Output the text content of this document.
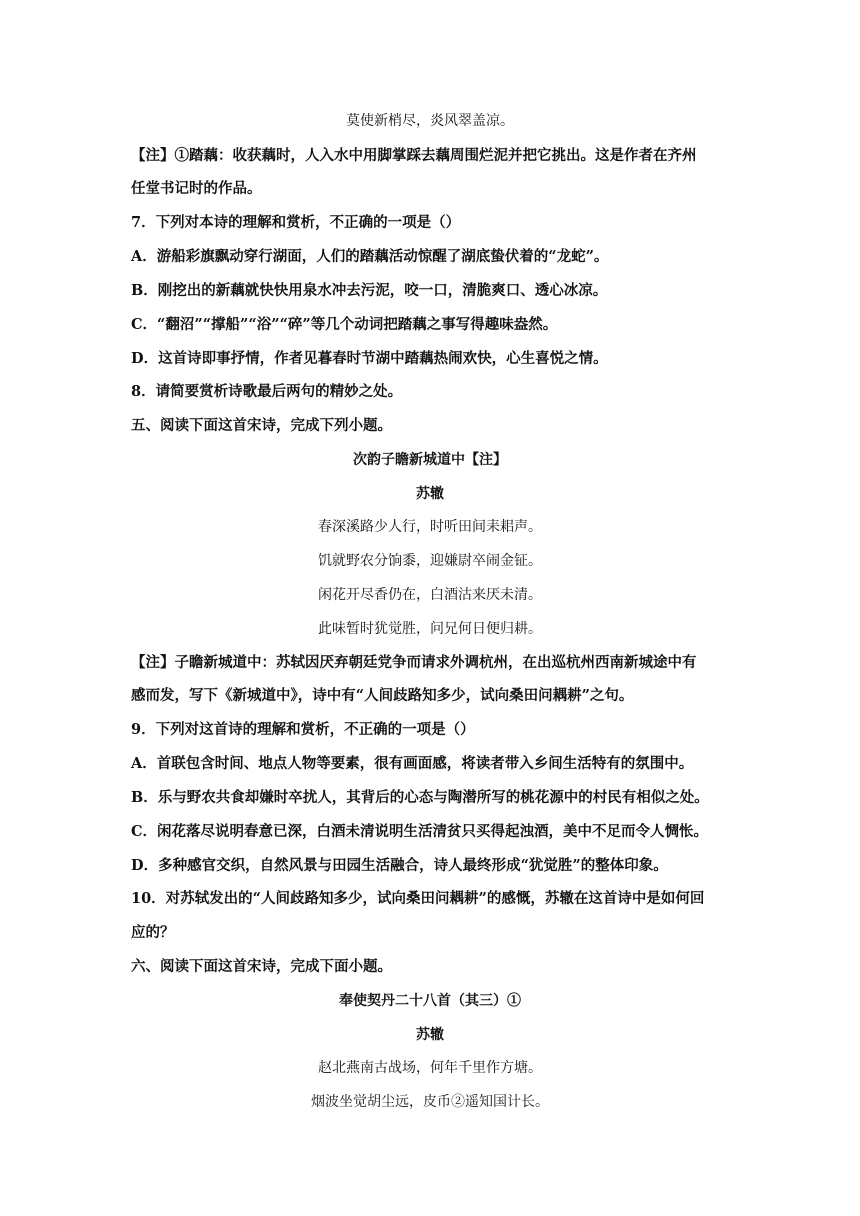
莫使新梢尽，炎风翠盖凉。
【注】①踏藕：收获藕时，人入水中用脚掌踩去藕周围烂泥并把它挑出。这是作者在齐州
任堂书记时的作品。
7．下列对本诗的理解和赏析，不正确的一项是（）
A．游船彩旗飘动穿行湖面，人们的踏藕活动惊醒了湖底蛰伏着的“龙蛇”。
B．刚挖出的新藕就快快用泉水冲去污泥，咬一口，清脆爽口、透心冰凉。
C．“翻沼”“撑船”“浴”“碎”等几个动词把踏藕之事写得趣味盎然。
D．这首诗即事抒情，作者见暮春时节湖中踏藕热闹欢快，心生喜悦之情。
8．请简要赏析诗歌最后两句的精妙之处。
五、阅读下面这首宋诗，完成下列小题。
次韵子瞻新城道中【注】
苏辙
春深溪路少人行，时听田间耒耜声。
饥就野农分饷黍，迎嫌尉卒闹金钲。
闲花开尽香仍在，白酒沽来厌未清。
此味暂时犹觉胜，问兄何日便归耕。
【注】子瞻新城道中：苏轼因厌弃朝廷党争而请求外调杭州，在出巡杭州西南新城途中有
感而发，写下《新城道中》，诗中有“人间歧路知多少，试向桑田问耦耕”之句。
9．下列对这首诗的理解和赏析，不正确的一项是（）
A．首联包含时间、地点人物等要素，很有画面感，将读者带入乡间生活特有的氛围中。
B．乐与野农共食却嫌时卒扰人，其背后的心态与陶潜所写的桃花源中的村民有相似之处。
C．闲花落尽说明春意已深，白酒未清说明生活清贫只买得起浊酒，美中不足而令人惆怅。
D．多种感官交织，自然风景与田园生活融合，诗人最终形成“犹觉胜”的整体印象。
10．对苏轼发出的“人间歧路知多少，试向桑田问耦耕”的感慨，苏辙在这首诗中是如何回
应的？
六、阅读下面这首宋诗，完成下面小题。
奉使契丹二十八首（其三）①
苏辙
赵北燕南古战场，何年千里作方塘。
烟波坐觉胡尘远，皮币②遥知国计长。
